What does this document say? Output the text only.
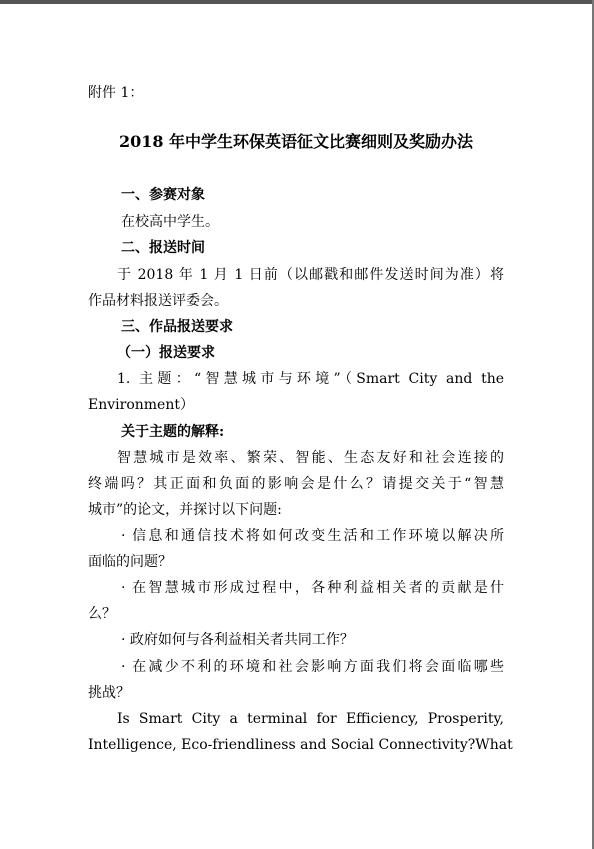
附件 1：
2018 年中学生环保英语征文比赛细则及奖励办法
一、参赛对象
在校高中学生。
二、报送时间
于 2018 年 1 月 1 日前（以邮戳和邮件发送时间为准）将
作品材料报送评委会。
三、作品报送要求
（一）报送要求
1. 主题：“智慧城市与环境”（Smart City and the
Environment）
关于主题的解释:
智慧城市是效率、繁荣、智能、生态友好和社会连接的
终端吗？其正面和负面的影响会是什么？请提交关于“智慧
城市”的论文，并探讨以下问题:
· 信息和通信技术将如何改变生活和工作环境以解决所
面临的问题？
· 在智慧城市形成过程中，各种利益相关者的贡献是什
么？
· 政府如何与各利益相关者共同工作？
· 在减少不利的环境和社会影响方面我们将会面临哪些
挑战？
Is Smart City a terminal for Efficiency, Prosperity,
Intelligence, Eco-friendliness and Social Connectivity?What
